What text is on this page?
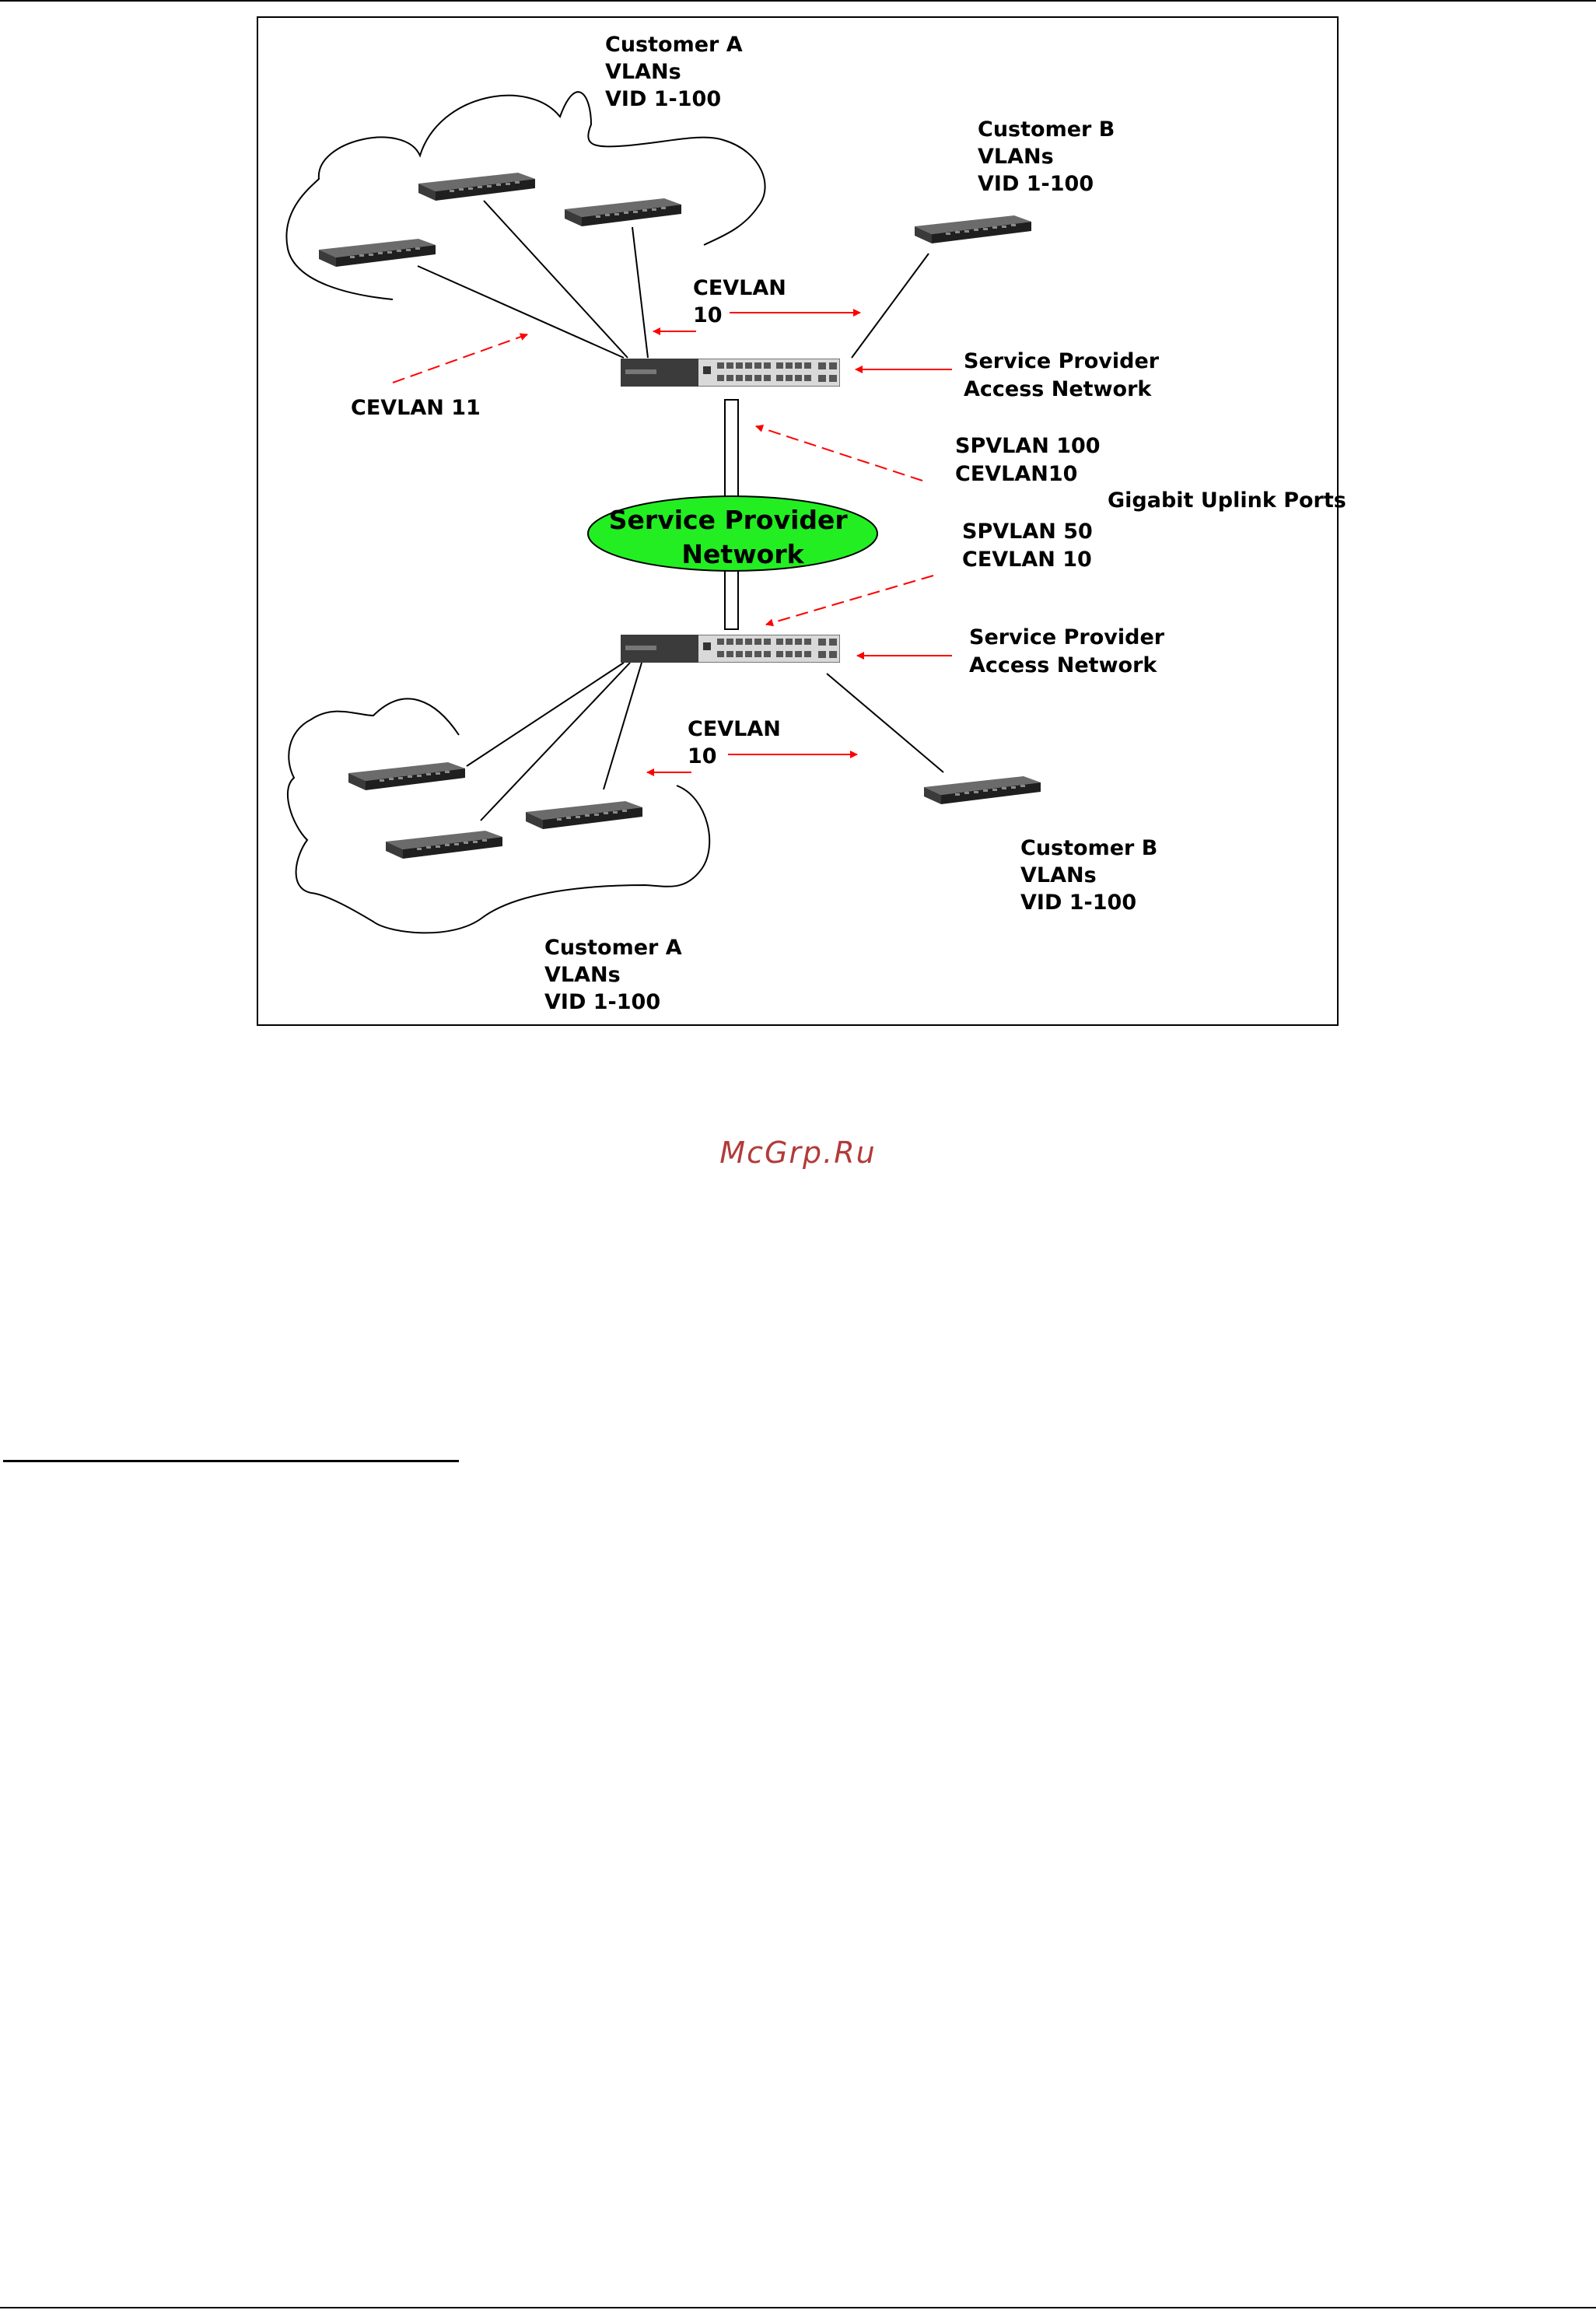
Customer A VLANs VID 1-100
Customer B VLANs VID 1-100
CEVLAN 10
CEVLAN 11
Service Provider Access Network
SPVLAN 100 CEVLAN10
Gigabit Uplink Ports
Service Provider Network
SPVLAN 50 CEVLAN 10
Service Provider Access Network
CEVLAN 10
Customer B VLANs VID 1-100
Customer A VLANs VID 1-100
McGrp.Ru
